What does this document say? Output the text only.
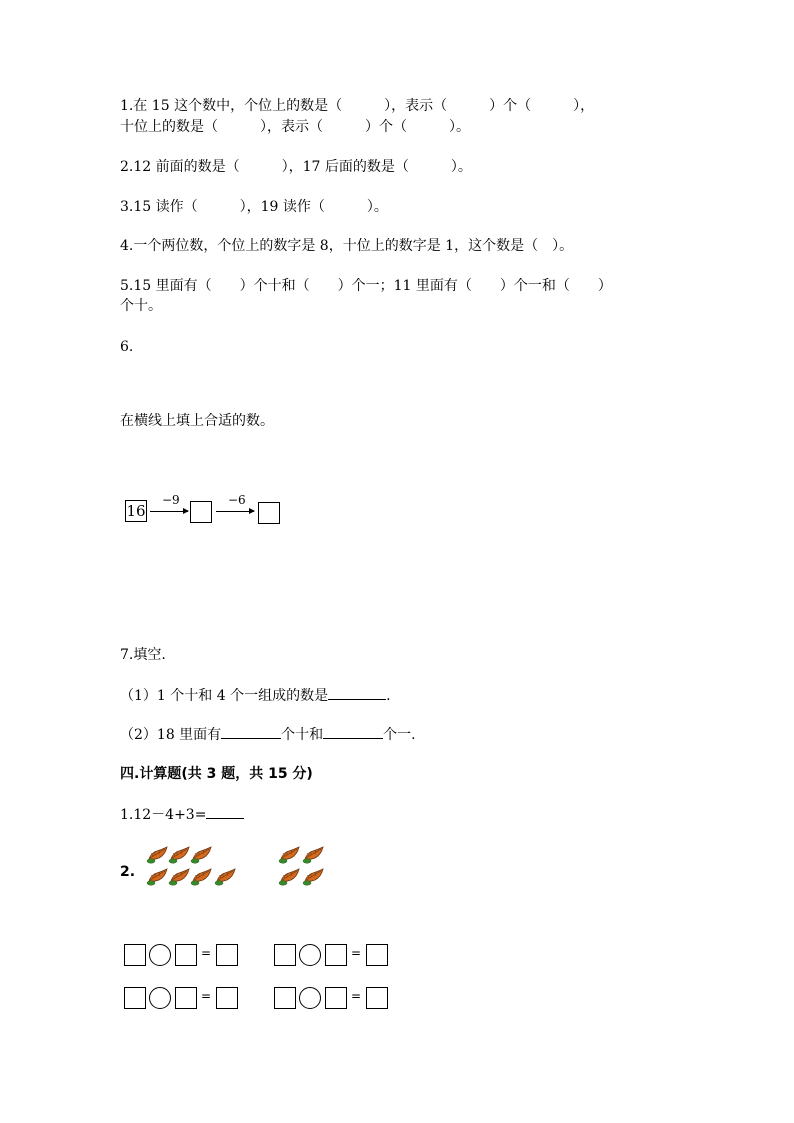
1.在 15 这个数中，个位上的数是（　　　），表示（　　　）个（　　　），
十位上的数是（　　　），表示（　　　）个（　　　）。
2.12 前面的数是（　　　），17 后面的数是（　　　）。
3.15 读作（　　　），19 读作（　　　）。
4.一个两位数，个位上的数字是 8，十位上的数字是 1，这个数是（　）。
5.15 里面有（　　）个十和（　　）个一；11 里面有（　　）个一和（　　）
个十。
6.
在横线上填上合适的数。
16
−9	−6
7.填空.
（1）1 个十和 4 个一组成的数是	.
（2）18 里面有	个十和	个一.
四.计算题(共 3 题，共 15 分)
1.12－4+3=
2.
=	=
=	=
